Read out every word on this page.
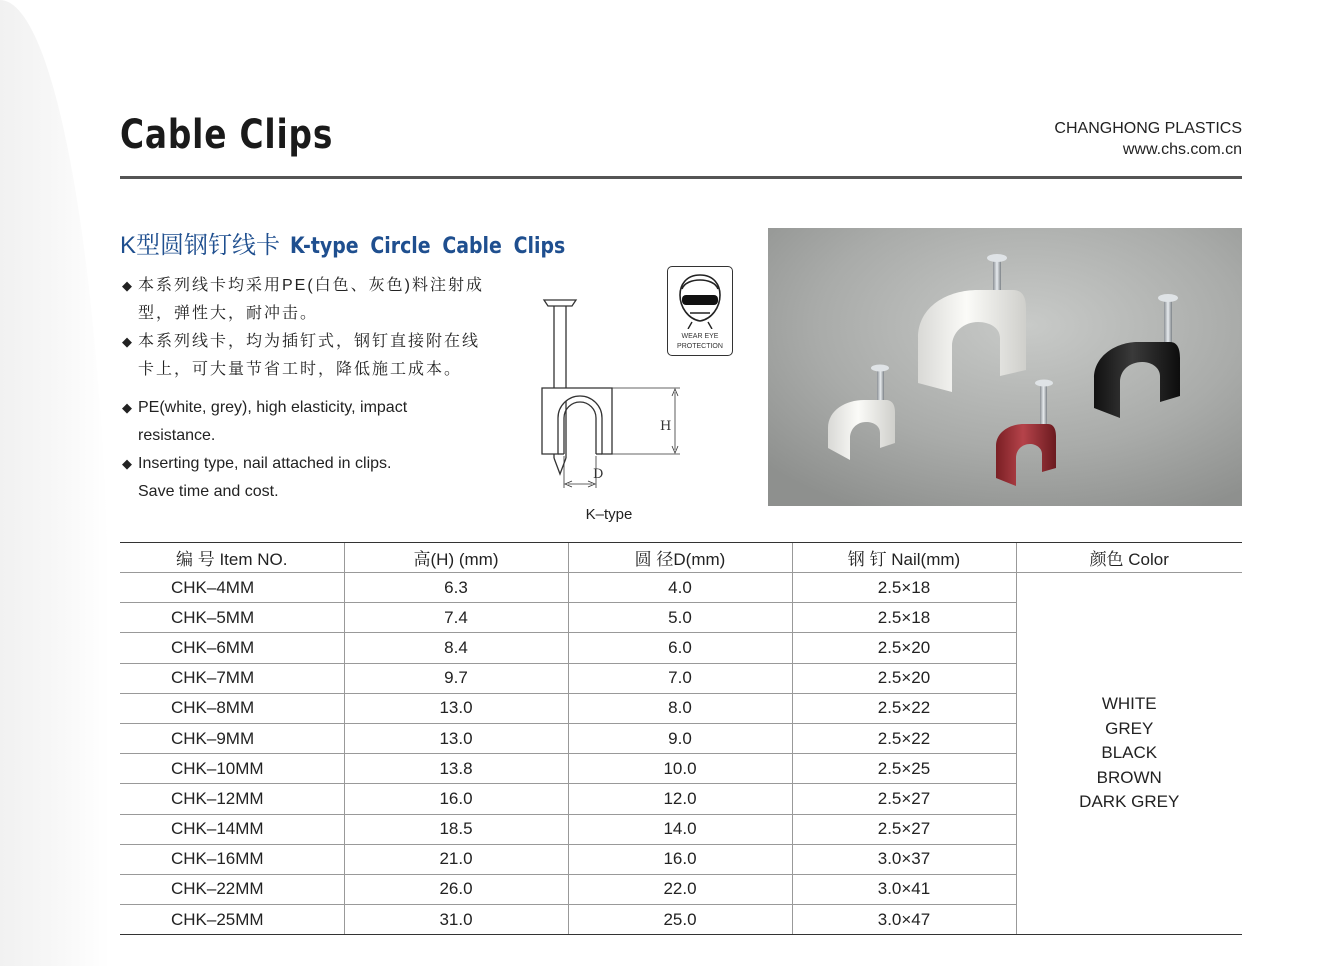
Cable Clips	CHANGHONG PLASTICS
www.chs.com.cn
K型圆钢钉线卡 K-type Circle Cable Clips
◆ 本系列线卡均采用PE(白色、灰色)料注射成
型，弹性大，耐冲击。
◆ 本系列线卡，均为插钉式，钢钉直接附在线
卡上，可大量节省工时，降低施工成本。
◆ PE(white, grey), high elasticity, impact
resistance.
◆ Inserting type, nail attached in clips.
Save time and cost.
H
D
K–type
WEAR EYE
PROTECTION
编 号 Item NO.	高(H) (mm)	圆 径D(mm)	钢 钉 Nail(mm)	颜色 Color
CHK–4MM	6.3	4.0	2.5×18	WHITE
GREY
BLACK
BROWN
DARK GREY

CHK–5MM	7.4	5.0	2.5×18	
CHK–6MM	8.4	6.0	2.5×20	
CHK–7MM	9.7	7.0	2.5×20	
CHK–8MM	13.0	8.0	2.5×22	
CHK–9MM	13.0	9.0	2.5×22	
CHK–10MM	13.8	10.0	2.5×25	
CHK–12MM	16.0	12.0	2.5×27	
CHK–14MM	18.5	14.0	2.5×27	
CHK–16MM	21.0	16.0	3.0×37	
CHK–22MM	26.0	22.0	3.0×41	
CHK–25MM	31.0	25.0	3.0×47	
